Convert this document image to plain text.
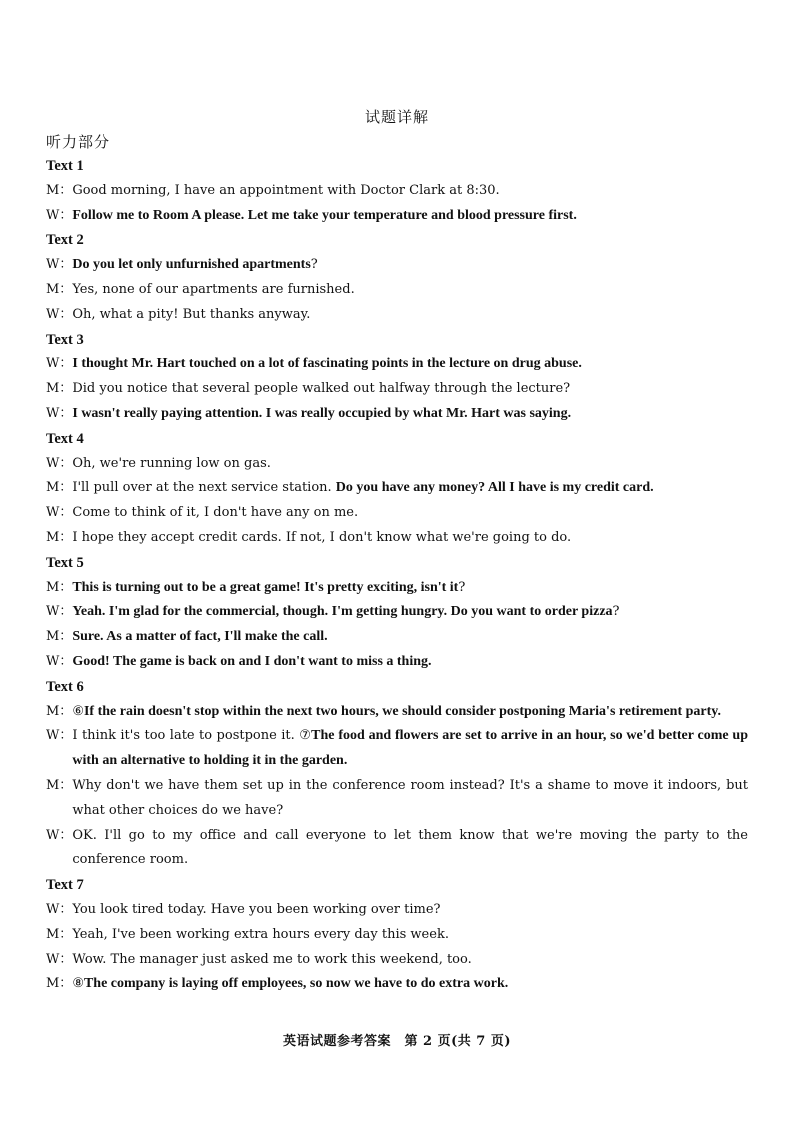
试题详解
听力部分
Text 1
M： Good morning, I have an appointment with Doctor Clark at 8:30.
W： Follow me to Room A please. Let me take your temperature and blood pressure first.
Text 2
W： Do you let only unfurnished apartments?
M： Yes, none of our apartments are furnished.
W： Oh, what a pity! But thanks anyway.
Text 3
W： I thought Mr. Hart touched on a lot of fascinating points in the lecture on drug abuse.
M： Did you notice that several people walked out halfway through the lecture?
W： I wasn't really paying attention. I was really occupied by what Mr. Hart was saying.
Text 4
W： Oh, we're running low on gas.
M： I'll pull over at the next service station. Do you have any money? All I have is my credit card.
W： Come to think of it, I don't have any on me.
M： I hope they accept credit cards. If not, I don't know what we're going to do.
Text 5
M： This is turning out to be a great game! It's pretty exciting, isn't it?
W： Yeah. I'm glad for the commercial, though. I'm getting hungry. Do you want to order pizza?
M： Sure. As a matter of fact, I'll make the call.
W： Good! The game is back on and I don't want to miss a thing.
Text 6
M： ⑥If the rain doesn't stop within the next two hours, we should consider postponing Maria's retirement party.
W： I think it's too late to postpone it. ⑦The food and flowers are set to arrive in an hour, so we'd better come up with an alternative to holding it in the garden.
M： Why don't we have them set up in the conference room instead? It's a shame to move it indoors, but what other choices do we have?
W： OK. I'll go to my office and call everyone to let them know that we're moving the party to the conference room.
Text 7
W： You look tired today. Have you been working over time?
M： Yeah, I've been working extra hours every day this week.
W： Wow. The manager just asked me to work this weekend, too.
M： ⑧The company is laying off employees, so now we have to do extra work.
英语试题参考答案　第 2 页(共 7 页)
